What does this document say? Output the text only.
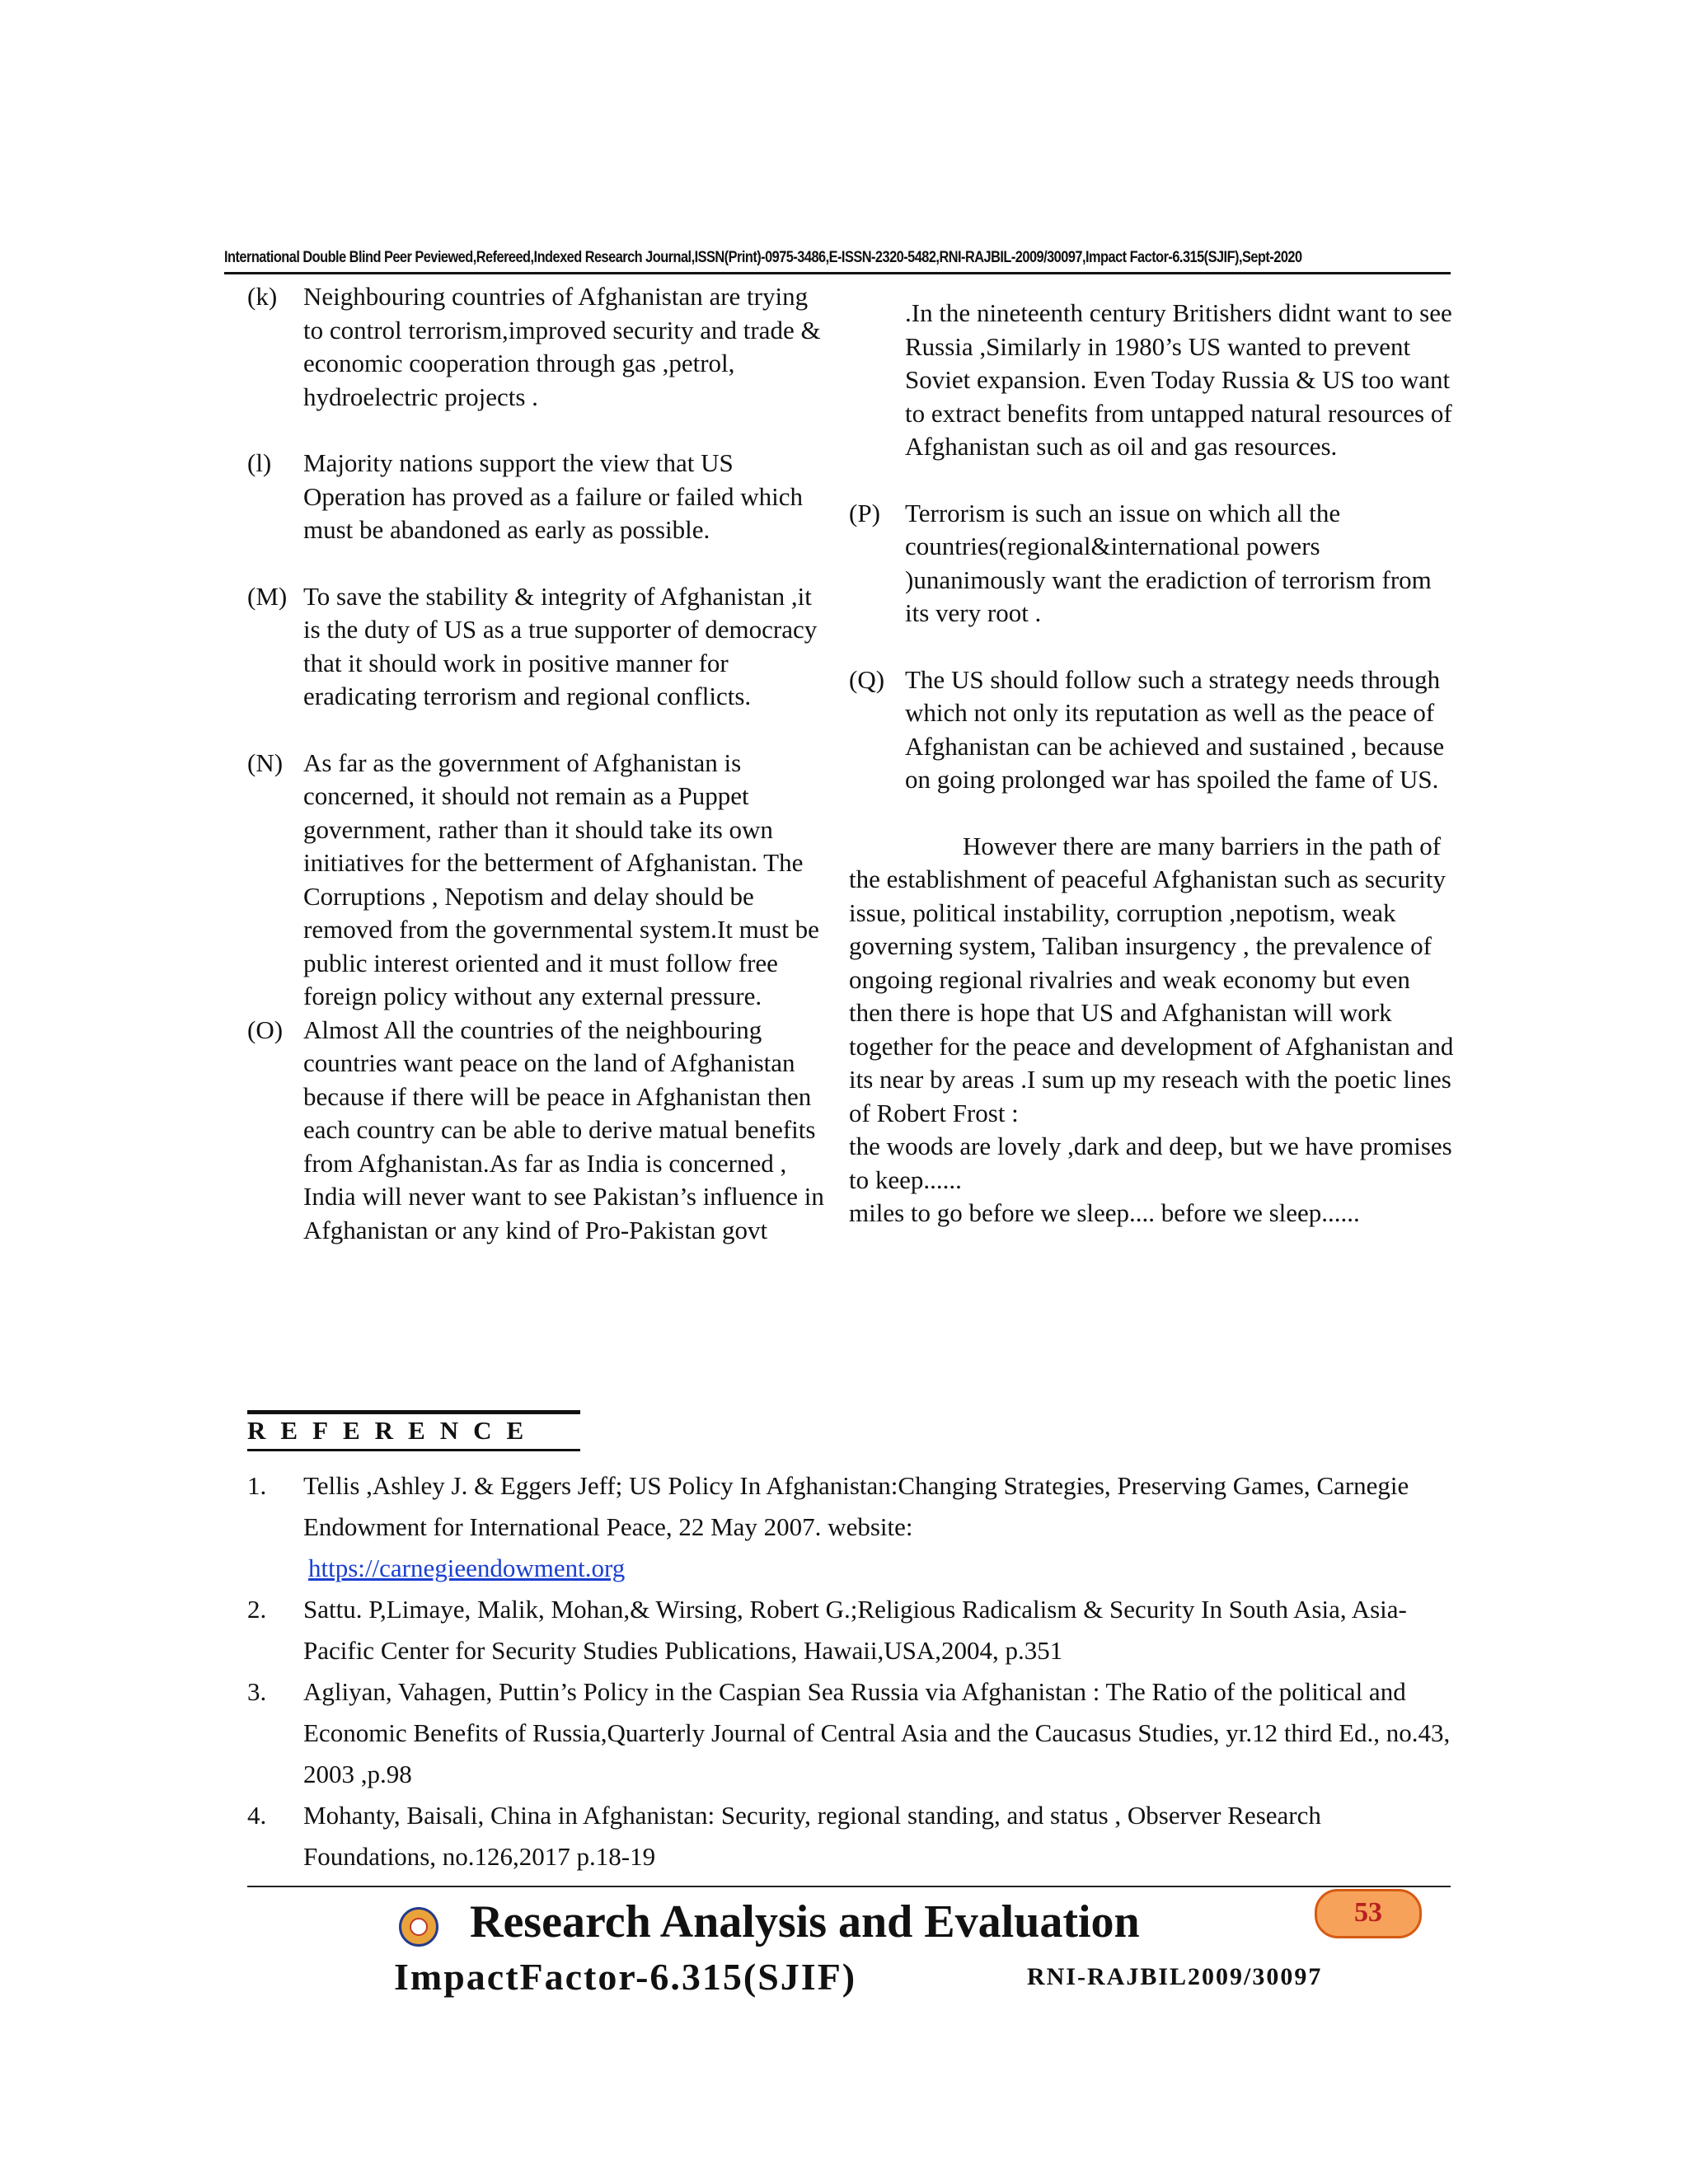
International Double Blind Peer Peviewed,Refereed,Indexed Research Journal,ISSN(Print)-0975-3486,E-ISSN-2320-5482,RNI-RAJBIL-2009/30097,Impact Factor-6.315(SJIF),Sept-2020
(k) Neighbouring countries of Afghanistan are trying to control terrorism,improved security and trade & economic cooperation through gas ,petrol, hydroelectric projects .
(l) Majority nations support the view that US Operation has proved as a failure or failed which must be abandoned as early as possible.
(M) To save the stability & integrity of Afghanistan ,it is the duty of US as a true supporter of democracy that it should work in positive manner for eradicating terrorism and regional conflicts.
(N) As far as the government of Afghanistan is concerned, it should not remain as a Puppet government, rather than it should take its own initiatives for the betterment of Afghanistan. The Corruptions , Nepotism and delay should be removed from the governmental system.It must be public interest oriented and it must follow free foreign policy without any external pressure.
(O) Almost All the countries of the neighbouring countries want peace on the land of Afghanistan because if there will be peace in Afghanistan then each country can be able to derive matual benefits from Afghanistan.As far as India is concerned , India will never want to see Pakistan’s influence in Afghanistan or any kind of Pro-Pakistan govt
.In the nineteenth century Britishers didnt want to see Russia ,Similarly in 1980’s US wanted to prevent Soviet expansion. Even Today Russia & US too want to extract benefits from untapped natural resources of Afghanistan such as oil and gas resources.
(P) Terrorism is such an issue on which all the countries(regional&international powers )unanimously want the eradiction of terrorism from its very root .
(Q) The US should follow such a strategy needs through which not only its reputation as well as the peace of Afghanistan can be achieved and sustained , because on going prolonged war has spoiled the fame of US.

However there are many barriers in the path of the establishment of peaceful Afghanistan such as security issue, political instability, corruption ,nepotism, weak governing system, Taliban insurgency , the prevalence of ongoing regional rivalries and weak economy but even then there is hope that US and Afghanistan will work together for the peace and development of Afghanistan and its near by areas .I sum up my reseach with the poetic lines of Robert Frost :

the woods are lovely ,dark and deep, but we have promises to keep......

miles to go before we sleep.... before we sleep......

REFERENCE
1. Tellis ,Ashley J. & Eggers Jeff; US Policy In Afghanistan:Changing Strategies, Preserving Games, Carnegie Endowment for International Peace, 22 May 2007. website:
https://carnegieendowment.org
2. Sattu. P,Limaye, Malik, Mohan,& Wirsing, Robert G.;Religious Radicalism & Security In South Asia, Asia- Pacific Center for Security Studies Publications, Hawaii,USA,2004, p.351
3. Agliyan, Vahagen, Puttin’s Policy in the Caspian Sea Russia via Afghanistan : The Ratio of the political and Economic Benefits of Russia,Quarterly Journal of Central Asia and the Caucasus Studies, yr.12 third Ed., no.43, 2003 ,p.98
4. Mohanty, Baisali, China in Afghanistan: Security, regional standing, and status , Observer Research Foundations, no.126,2017 p.18-19
Research Analysis and Evaluation	53
ImpactFactor-6.315(SJIF)	RNI-RAJBIL2009/30097
